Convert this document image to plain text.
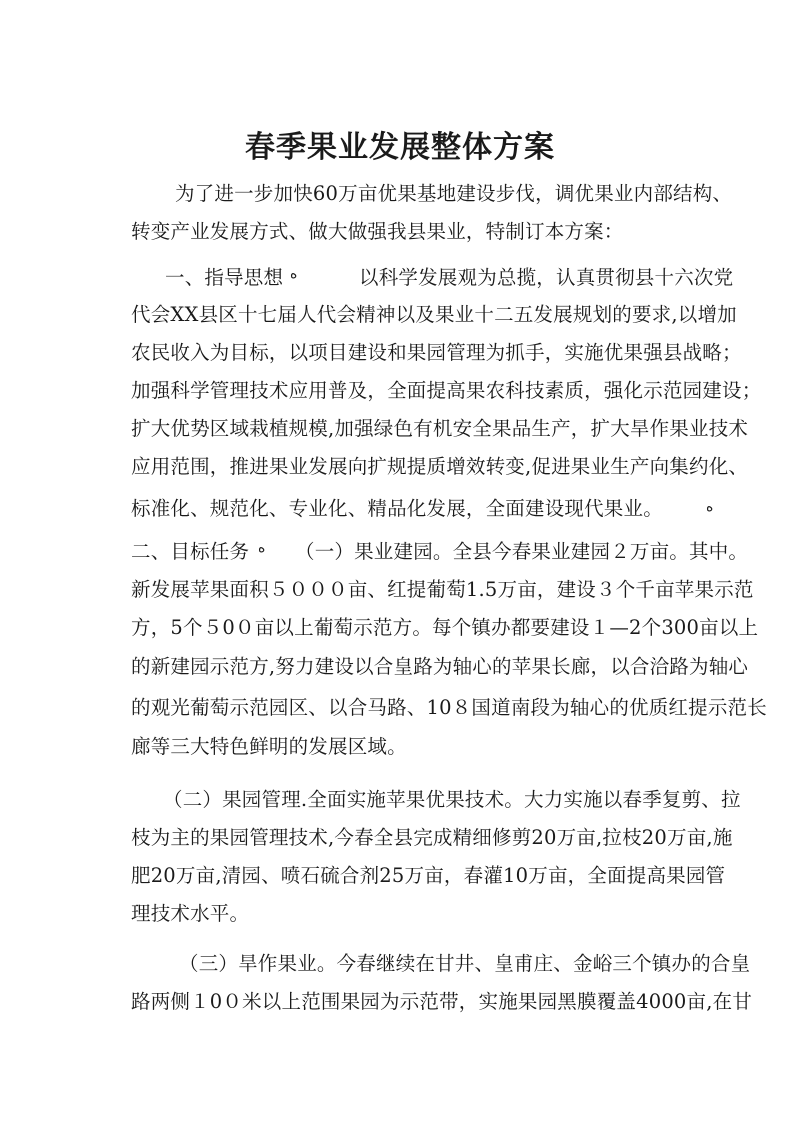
春季果业发展整体方案

为了进一步加快60万亩优果基地建设步伐，调优果业内部结构、

转变产业发展方式、做大做强我县果业，特制订本方案：

一、指导思想 ه	以科学发展观为总揽，认真贯彻县十六次党

代会XX县区十七届人代会精神以及果业十二五发展规划的要求,以增加

农民收入为目标，以项目建设和果园管理为抓手，实施优果强县战略；

加强科学管理技术应用普及，全面提高果农科技素质，强化示范园建设；

扩大优势区域栽植规模,加强绿色有机安全果品生产，扩大旱作果业技术

应用范围，推进果业发展向扩规提质增效转变,促进果业生产向集约化、

标准化、规范化、专业化、精品化发展，全面建设现代果业。	ه

二、目标任务 ه （一）果业建园。全县今春果业建园２万亩。其中。

新发展苹果面积５０００亩、红提葡萄1.5万亩，建设３个千亩苹果示范

方，5个５0０亩以上葡萄示范方。每个镇办都要建设１—2个300亩以上

的新建园示范方,努力建设以合皇路为轴心的苹果长廊，以合洽路为轴心

的观光葡萄示范园区、以合马路、10８国道南段为轴心的优质红提示范长

廊等三大特色鲜明的发展区域。

（二）果园管理.全面实施苹果优果技术。大力实施以春季复剪、拉

枝为主的果园管理技术,今春全县完成精细修剪20万亩,拉枝20万亩,施

肥20万亩,清园、喷石硫合剂25万亩，春灌10万亩，全面提高果园管

理技术水平。

（三）旱作果业。今春继续在甘井、皇甫庄、金峪三个镇办的合皇

路两侧１0０米以上范围果园为示范带，实施果园黑膜覆盖4000亩,在甘
